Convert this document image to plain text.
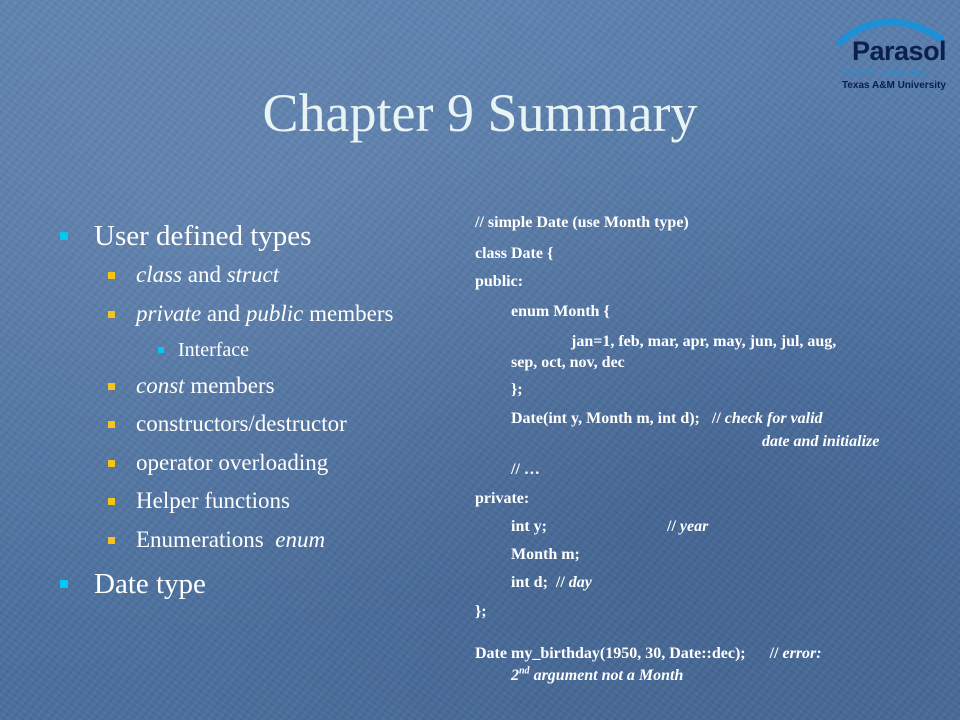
Parasol
Smarter computing.
Texas A&M University
Chapter 9 Summary
User defined types
class and struct
private and public members
Interface
const members
constructors/destructor
operator overloading
Helper functions
Enumerations  enum
Date type
// simple Date (use Month type)
class Date {
public:
enum Month {
jan=1, feb, mar, apr, may, jun, jul, aug,
sep, oct, nov, dec
};
Date(int y, Month m, int d); // check for valid
date and initialize
// …
private:
int y;	// year
Month m;
int d; // day
};
Date my_birthday(1950, 30, Date::dec); // error:
2nd argument not a Month
